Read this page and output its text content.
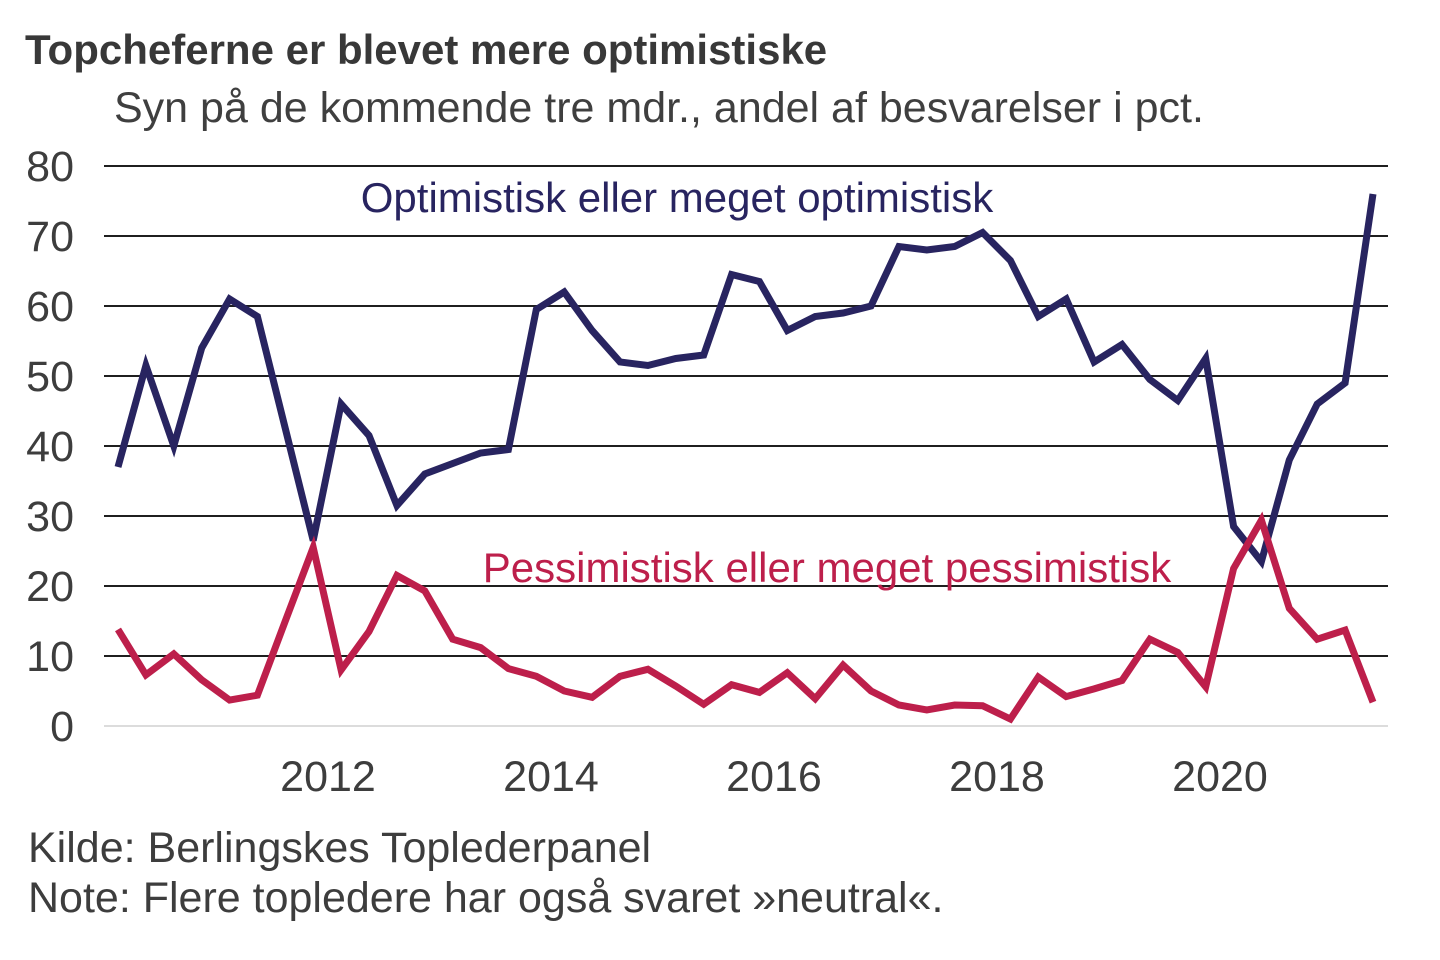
Topcheferne er blevet mere optimistiske
Syn på de kommende tre mdr., andel af besvarelser i pct.
0
10
20
30
40
50
60
70
80
2012	2014	2016	2018	2020
Optimistisk eller meget optimistisk
Pessimistisk eller meget pessimistisk
Kilde: Berlingskes Toplederpanel
Note: Flere topledere har også svaret »neutral«.
